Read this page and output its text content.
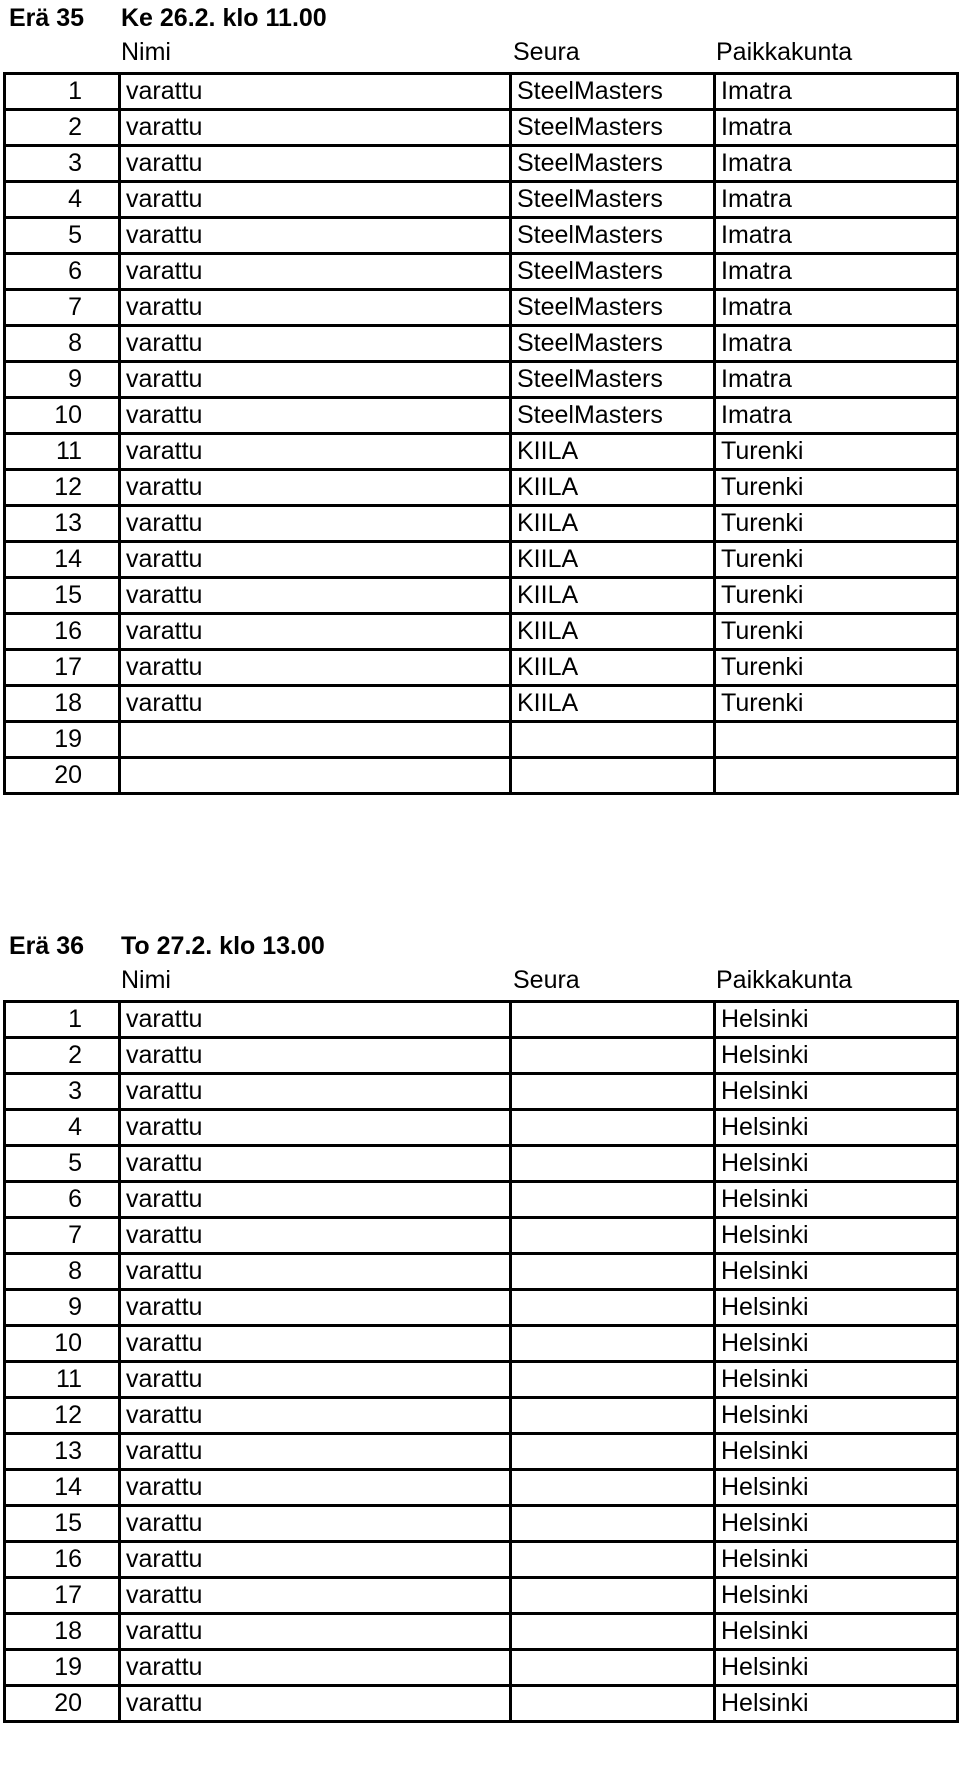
Erä 35 Ke 26.2. klo 11.00
Nimi	Seura	Paikkakunta
1	varattu	SteelMasters	Imatra
2	varattu	SteelMasters	Imatra
3	varattu	SteelMasters	Imatra
4	varattu	SteelMasters	Imatra
5	varattu	SteelMasters	Imatra
6	varattu	SteelMasters	Imatra
7	varattu	SteelMasters	Imatra
8	varattu	SteelMasters	Imatra
9	varattu	SteelMasters	Imatra
10	varattu	SteelMasters	Imatra
11	varattu	KIILA	Turenki
12	varattu	KIILA	Turenki
13	varattu	KIILA	Turenki
14	varattu	KIILA	Turenki
15	varattu	KIILA	Turenki
16	varattu	KIILA	Turenki
17	varattu	KIILA	Turenki
18	varattu	KIILA	Turenki
19			
20			
Erä 36 To 27.2. klo 13.00
Nimi	Seura	Paikkakunta
1	varattu		Helsinki
2	varattu		Helsinki
3	varattu		Helsinki
4	varattu		Helsinki
5	varattu		Helsinki
6	varattu		Helsinki
7	varattu		Helsinki
8	varattu		Helsinki
9	varattu		Helsinki
10	varattu		Helsinki
11	varattu		Helsinki
12	varattu		Helsinki
13	varattu		Helsinki
14	varattu		Helsinki
15	varattu		Helsinki
16	varattu		Helsinki
17	varattu		Helsinki
18	varattu		Helsinki
19	varattu		Helsinki
20	varattu		Helsinki
